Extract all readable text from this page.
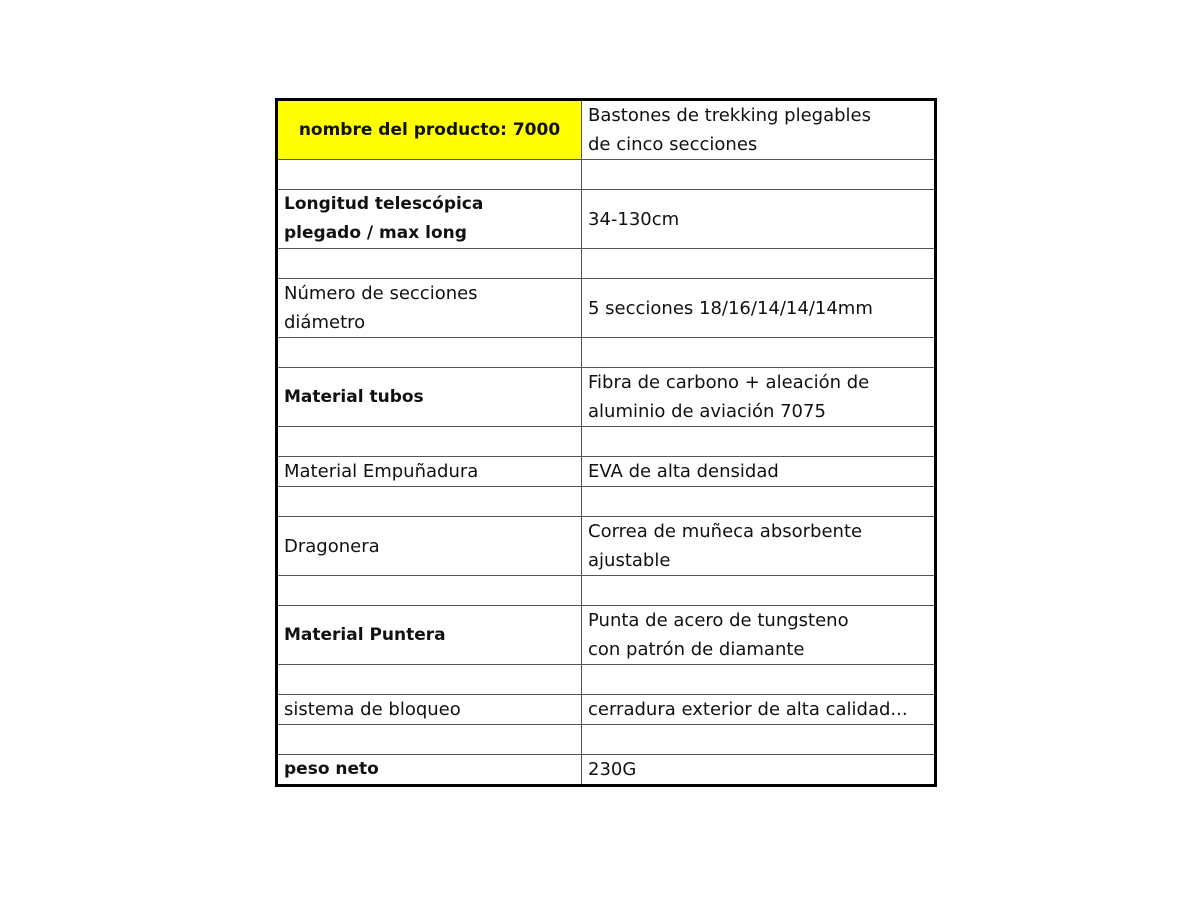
nombre del producto: 7000	Bastones de trekking plegables
de cinco secciones

Longitud telescópica
plegado / max long	34-130cm

Número de secciones
diámetro	5 secciones 18/16/14/14/14mm

Material tubos	Fibra de carbono + aleación de
aluminio de aviación 7075

Material Empuñadura	EVA de alta densidad

Dragonera	Correa de muñeca absorbente
ajustable

Material Puntera	Punta de acero de tungsteno
con patrón de diamante

sistema de bloqueo	cerradura exterior de alta calidad...

peso neto	230G
